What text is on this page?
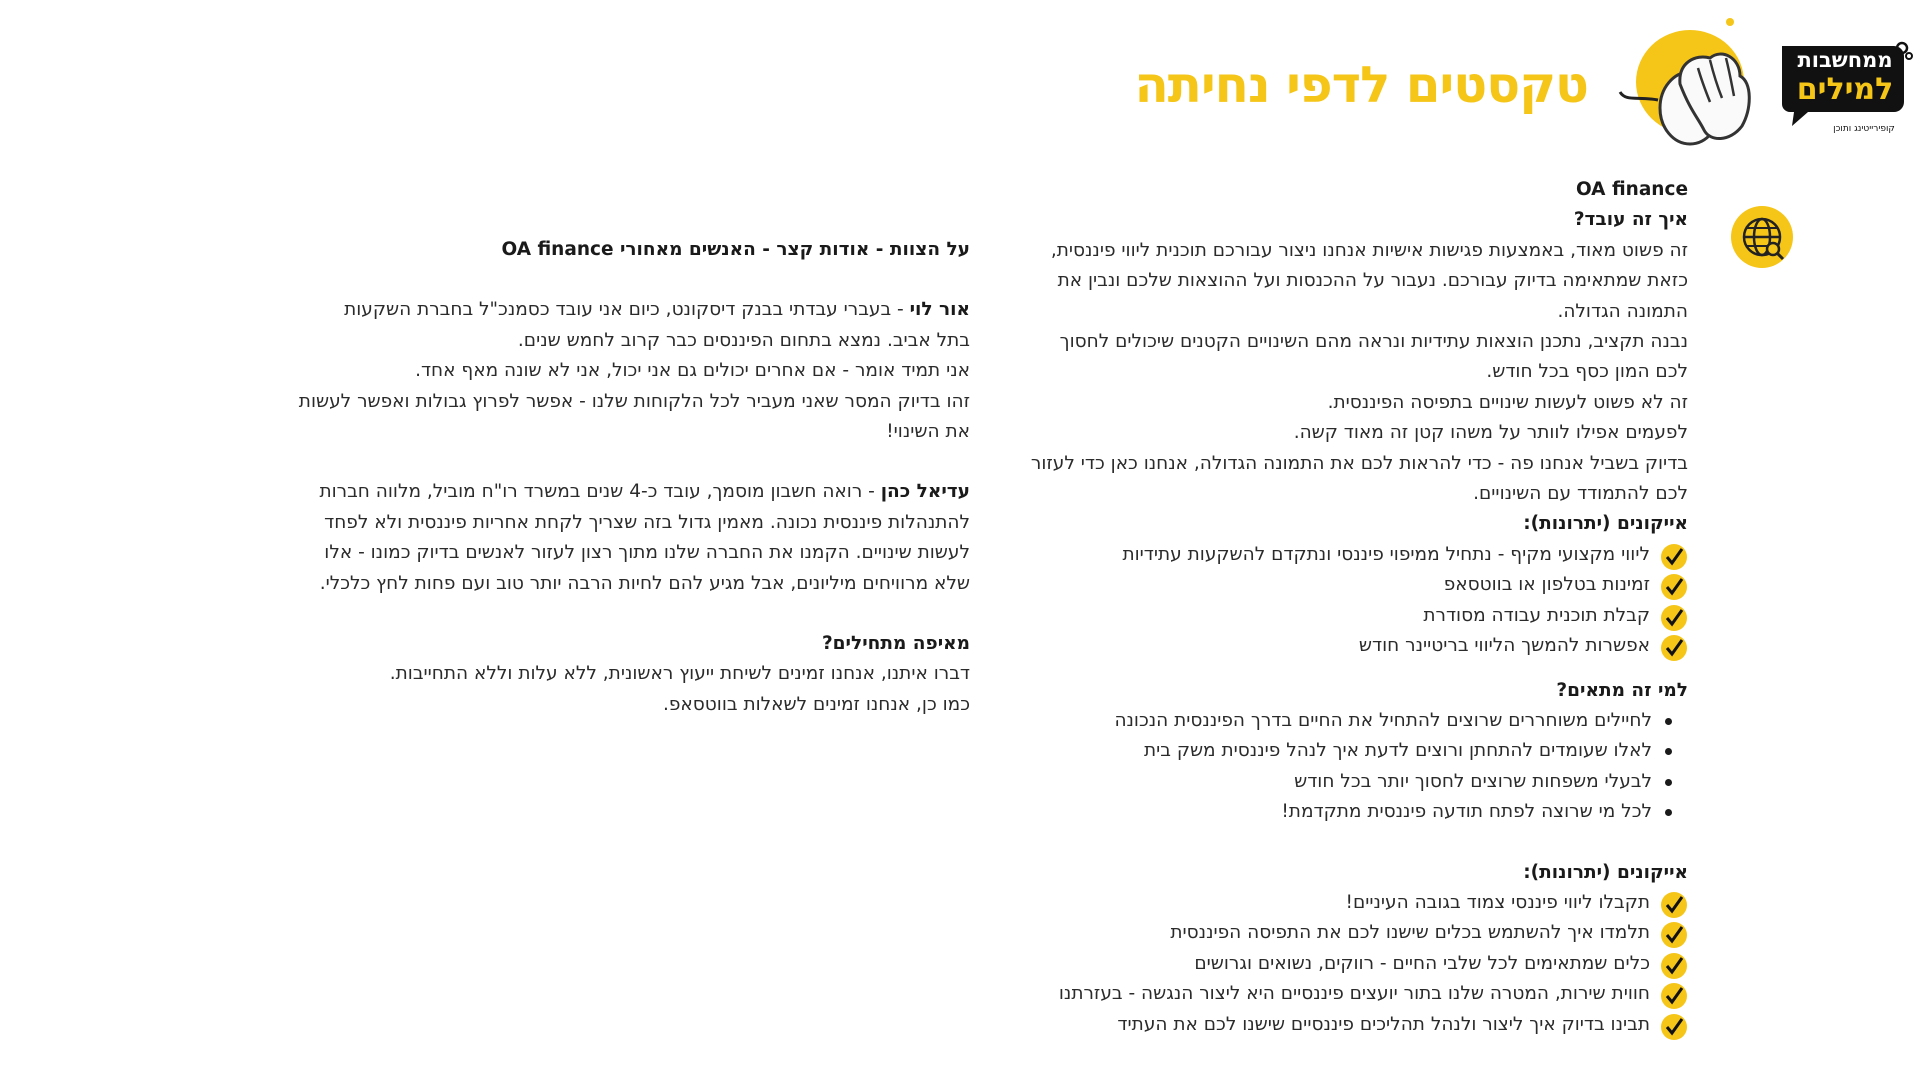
ממחשבות
למילים
קופירייטינג ותוכן
טקסטים לדפי נחיתה

OA finance

איך זה עובד?

זה פשוט מאוד, באמצעות פגישות אישיות אנחנו ניצור עבורכם תוכנית ליווי פיננסית,

כזאת שמתאימה בדיוק עבורכם. נעבור על ההכנסות ועל ההוצאות שלכם ונבין את

התמונה הגדולה.

נבנה תקציב, נתכנן הוצאות עתידיות ונראה מהם השינויים הקטנים שיכולים לחסוך

לכם המון כסף בכל חודש.

זה לא פשוט לעשות שינויים בתפיסה הפיננסית.

לפעמים אפילו לוותר על משהו קטן זה מאוד קשה.

בדיוק בשביל אנחנו פה - כדי להראות לכם את התמונה הגדולה, אנחנו כאן כדי לעזור

לכם להתמודד עם השינויים.

אייקונים (יתרונות):

ליווי מקצועי מקיף - נתחיל ממיפוי פיננסי ונתקדם להשקעות עתידיות
זמינות בטלפון או בווטסאפ
קבלת תוכנית עבודה מסודרת
אפשרות להמשך הליווי בריטיינר חודש

למי זה מתאים?

לחיילים משוחררים שרוצים להתחיל את החיים בדרך הפיננסית הנכונה
לאלו שעומדים להתחתן ורוצים לדעת איך לנהל פיננסית משק בית
לבעלי משפחות שרוצים לחסוך יותר בכל חודש
לכל מי שרוצה לפתח תודעה פיננסית מתקדמת!

אייקונים (יתרונות):

תקבלו ליווי פיננסי צמוד בגובה העיניים!
תלמדו איך להשתמש בכלים שישנו לכם את התפיסה הפיננסית
כלים שמתאימים לכל שלבי החיים - רווקים, נשואים וגרושים
חווית שירות, המטרה שלנו בתור יועצים פיננסיים היא ליצור הנגשה - בעזרתנו
תבינו בדיוק איך ליצור ולנהל תהליכים פיננסיים שישנו לכם את העתיד

על הצוות - אודות קצר - האנשים מאחורי OA finance

אור לוי - בעברי עבדתי בבנק דיסקונט, כיום אני עובד כסמנכ"ל בחברת השקעות

בתל אביב. נמצא בתחום הפיננסים כבר קרוב לחמש שנים.

אני תמיד אומר - אם אחרים יכולים גם אני יכול, אני לא שונה מאף אחד.

זהו בדיוק המסר שאני מעביר לכל הלקוחות שלנו - אפשר לפרוץ גבולות ואפשר לעשות

את השינוי!

עדיאל כהן - רואה חשבון מוסמך, עובד כ-4 שנים במשרד רו"ח מוביל, מלווה חברות

להתנהלות פיננסית נכונה. מאמין גדול בזה שצריך לקחת אחריות פיננסית ולא לפחד

לעשות שינויים. הקמנו את החברה שלנו מתוך רצון לעזור לאנשים בדיוק כמונו - אלו

שלא מרוויחים מיליונים, אבל מגיע להם לחיות הרבה יותר טוב ועם פחות לחץ כלכלי.

מאיפה מתחילים?

דברו איתנו, אנחנו זמינים לשיחת ייעוץ ראשונית, ללא עלות וללא התחייבות.

כמו כן, אנחנו זמינים לשאלות בווטסאפ.
